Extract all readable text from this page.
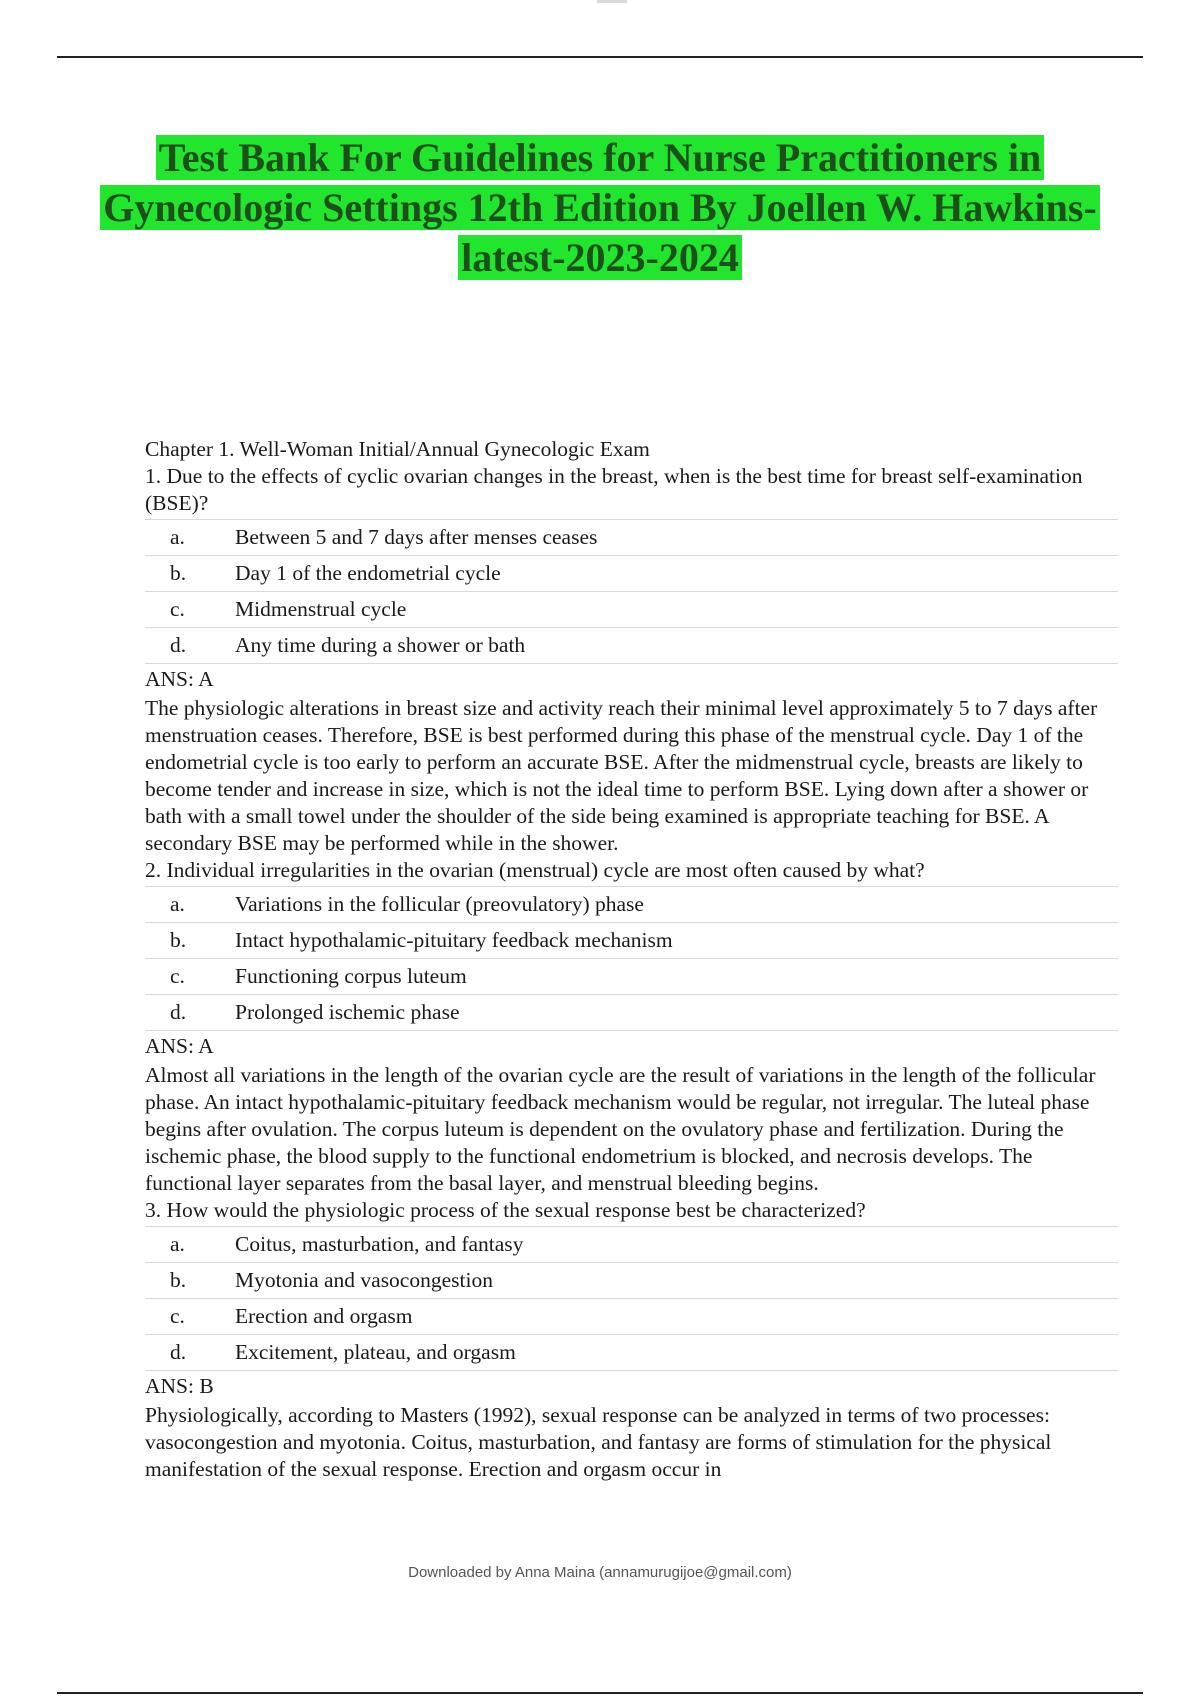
Test Bank For Guidelines for Nurse Practitioners in Gynecologic Settings 12th Edition By Joellen W. Hawkins-latest-2023-2024

Chapter 1. Well-Woman Initial/Annual Gynecologic Exam

1. Due to the effects of cyclic ovarian changes in the breast, when is the best time for breast self-examination (BSE)?

a.	Between 5 and 7 days after menses ceases
b.	Day 1 of the endometrial cycle
c.	Midmenstrual cycle
d.	Any time during a shower or bath

ANS: A

The physiologic alterations in breast size and activity reach their minimal level approximately 5 to 7 days after menstruation ceases. Therefore, BSE is best performed during this phase of the menstrual cycle. Day 1 of the endometrial cycle is too early to perform an accurate BSE. After the midmenstrual cycle, breasts are likely to become tender and increase in size, which is not the ideal time to perform BSE. Lying down after a shower or bath with a small towel under the shoulder of the side being examined is appropriate teaching for BSE. A secondary BSE may be performed while in the shower.

2. Individual irregularities in the ovarian (menstrual) cycle are most often caused by what?

a.	Variations in the follicular (preovulatory) phase
b.	Intact hypothalamic-pituitary feedback mechanism
c.	Functioning corpus luteum
d.	Prolonged ischemic phase

ANS: A

Almost all variations in the length of the ovarian cycle are the result of variations in the length of the follicular phase. An intact hypothalamic-pituitary feedback mechanism would be regular, not irregular. The luteal phase begins after ovulation. The corpus luteum is dependent on the ovulatory phase and fertilization. During the ischemic phase, the blood supply to the functional endometrium is blocked, and necrosis develops. The functional layer separates from the basal layer, and menstrual bleeding begins.

3. How would the physiologic process of the sexual response best be characterized?

a.	Coitus, masturbation, and fantasy
b.	Myotonia and vasocongestion
c.	Erection and orgasm
d.	Excitement, plateau, and orgasm

ANS: B

Physiologically, according to Masters (1992), sexual response can be analyzed in terms of two processes: vasocongestion and myotonia. Coitus, masturbation, and fantasy are forms of stimulation for the physical manifestation of the sexual response. Erection and orgasm occur in

Downloaded by Anna Maina (annamurugijoe@gmail.com)
